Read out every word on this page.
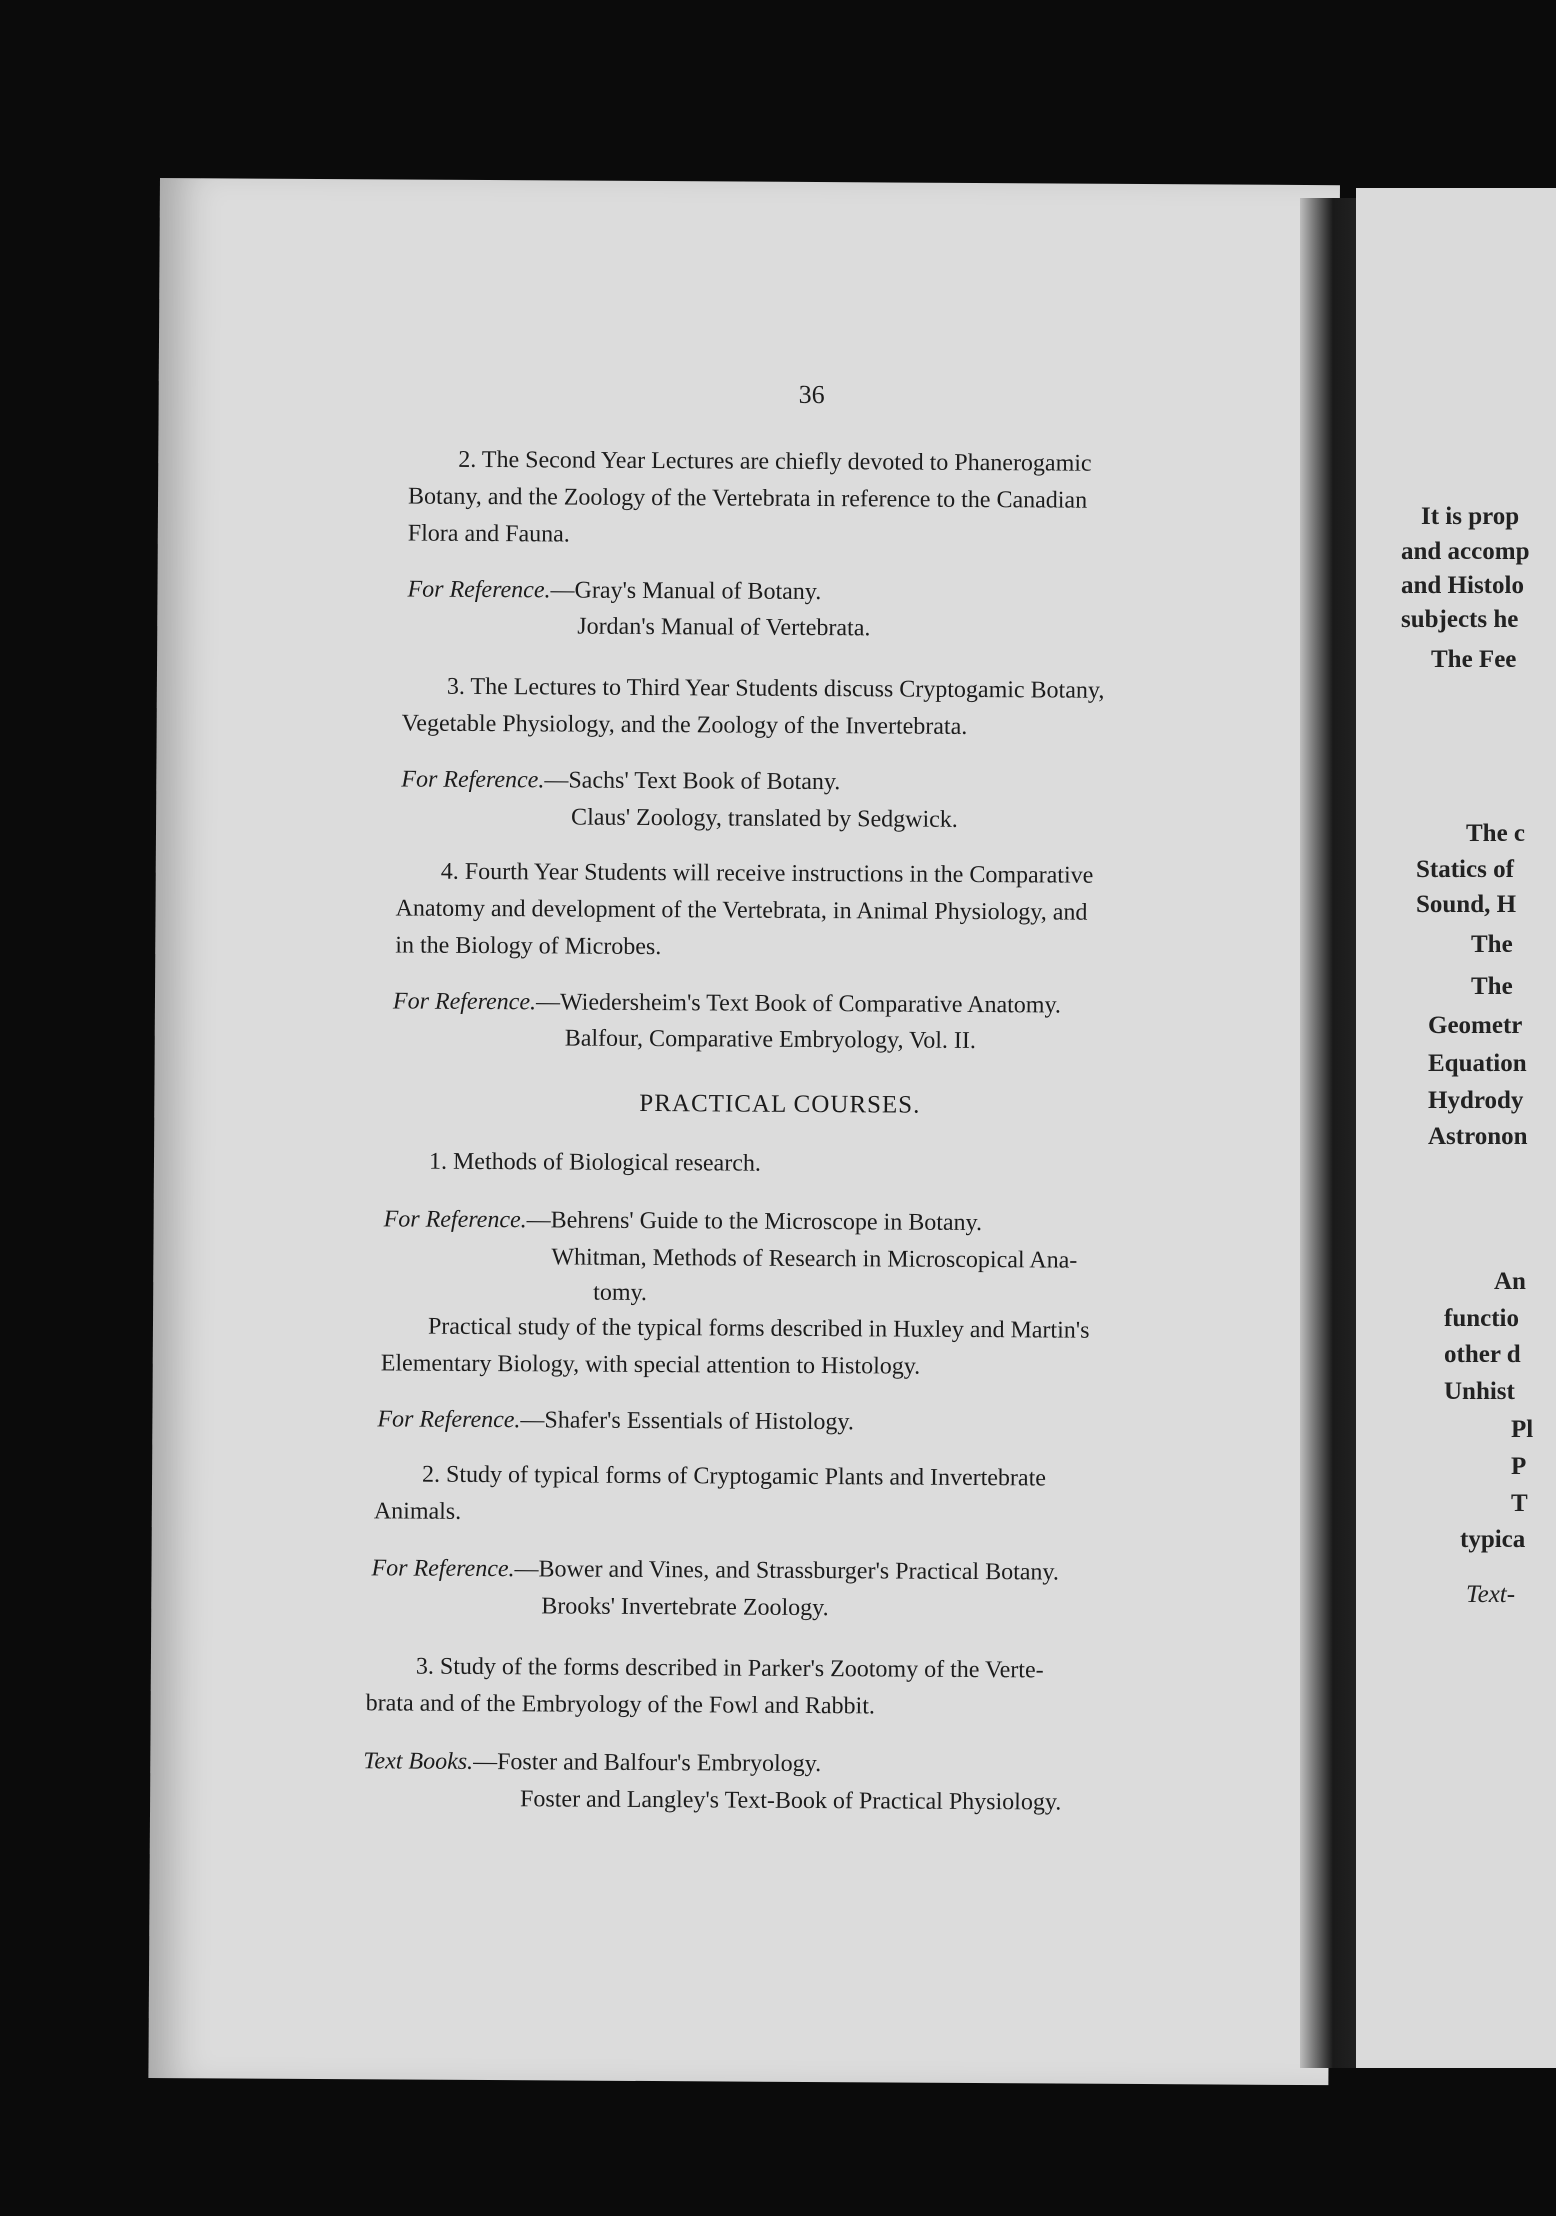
36
2. The Second Year Lectures are chiefly devoted to Phanerogamic
Botany, and the Zoology of the Vertebrata in reference to the Canadian
Flora and Fauna.
For Reference.—Gray's Manual of Botany.
Jordan's Manual of Vertebrata.
3. The Lectures to Third Year Students discuss Cryptogamic Botany,
Vegetable Physiology, and the Zoology of the Invertebrata.
For Reference.—Sachs' Text Book of Botany.
Claus' Zoology, translated by Sedgwick.
4. Fourth Year Students will receive instructions in the Comparative
Anatomy and development of the Vertebrata, in Animal Physiology, and
in the Biology of Microbes.
For Reference.—Wiedersheim's Text Book of Comparative Anatomy.
Balfour, Comparative Embryology, Vol. II.
PRACTICAL COURSES.
1. Methods of Biological research.
For Reference.—Behrens' Guide to the Microscope in Botany.
Whitman, Methods of Research in Microscopical Ana-
tomy.
Practical study of the typical forms described in Huxley and Martin's
Elementary Biology, with special attention to Histology.
For Reference.—Shafer's Essentials of Histology.
2. Study of typical forms of Cryptogamic Plants and Invertebrate
Animals.
For Reference.—Bower and Vines, and Strassburger's Practical Botany.
Brooks' Invertebrate Zoology.
3. Study of the forms described in Parker's Zootomy of the Verte-
brata and of the Embryology of the Fowl and Rabbit.
Text Books.—Foster and Balfour's Embryology.
Foster and Langley's Text-Book of Practical Physiology.
It is prop
and accomp
and Histolo
subjects he
The Fee
The c
Statics of
Sound, H
The
The
Geometr
Equation
Hydrody
Astronon
An
functio
other d
Unhist
Pl
P
T
typica
Text-
